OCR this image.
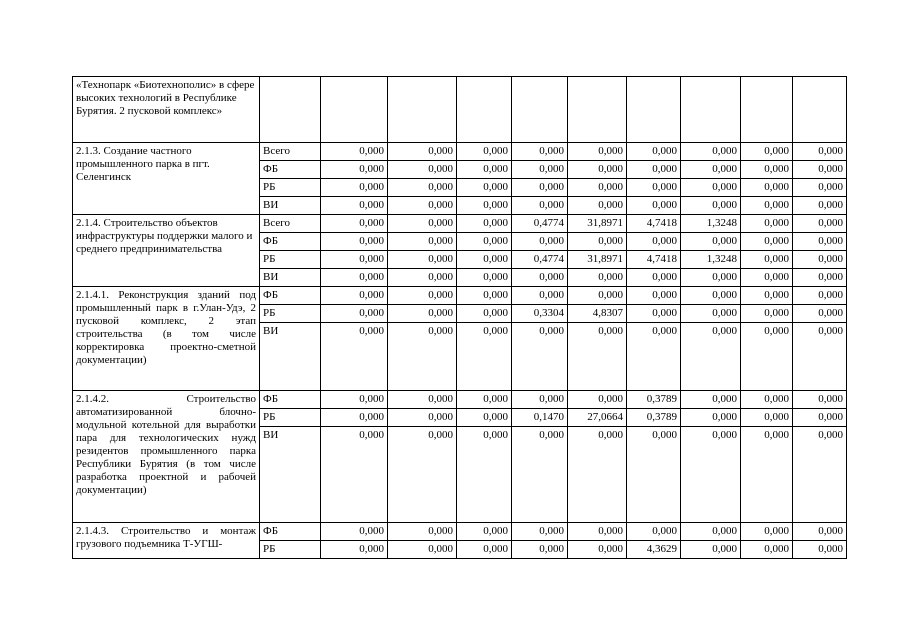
«Технопарк «Биотехнополис» в сфере высоких технологий в Республике Бурятия. 2 пусковой комплекс»										
2.1.3. Создание частного промышленного парка в пгт. Селенгинск	Всего	0,000	0,000	0,000	0,000	0,000	0,000	0,000	0,000	0,000
	ФБ	0,000	0,000	0,000	0,000	0,000	0,000	0,000	0,000	0,000
	РБ	0,000	0,000	0,000	0,000	0,000	0,000	0,000	0,000	0,000
	ВИ	0,000	0,000	0,000	0,000	0,000	0,000	0,000	0,000	0,000
2.1.4. Строительство объектов инфраструктуры поддержки малого и среднего предпринимательства	Всего	0,000	0,000	0,000	0,4774	31,8971	4,7418	1,3248	0,000	0,000
	ФБ	0,000	0,000	0,000	0,000	0,000	0,000	0,000	0,000	0,000
	РБ	0,000	0,000	0,000	0,4774	31,8971	4,7418	1,3248	0,000	0,000
	ВИ	0,000	0,000	0,000	0,000	0,000	0,000	0,000	0,000	0,000
2.1.4.1. Реконструкция зданий под промышленный парк в г.Улан-Удэ, 2 пусковой комплекс, 2 этап строительства (в том числе корректировка проектно-сметной документации)	ФБ	0,000	0,000	0,000	0,000	0,000	0,000	0,000	0,000	0,000
	РБ	0,000	0,000	0,000	0,3304	4,8307	0,000	0,000	0,000	0,000
	ВИ	0,000	0,000	0,000	0,000	0,000	0,000	0,000	0,000	0,000
2.1.4.2. Строительство автоматизированной блочно-модульной котельной для выработки пара для технологических нужд резидентов промышленного парка Республики Бурятия (в том числе разработка проектной и рабочей документации)	ФБ	0,000	0,000	0,000	0,000	0,000	0,3789	0,000	0,000	0,000
	РБ	0,000	0,000	0,000	0,1470	27,0664	0,3789	0,000	0,000	0,000
	ВИ	0,000	0,000	0,000	0,000	0,000	0,000	0,000	0,000	0,000
2.1.4.3. Строительство и монтаж грузового подъемника Т-УГШ-	ФБ	0,000	0,000	0,000	0,000	0,000	0,000	0,000	0,000	0,000
	РБ	0,000	0,000	0,000	0,000	0,000	4,3629	0,000	0,000	0,000
